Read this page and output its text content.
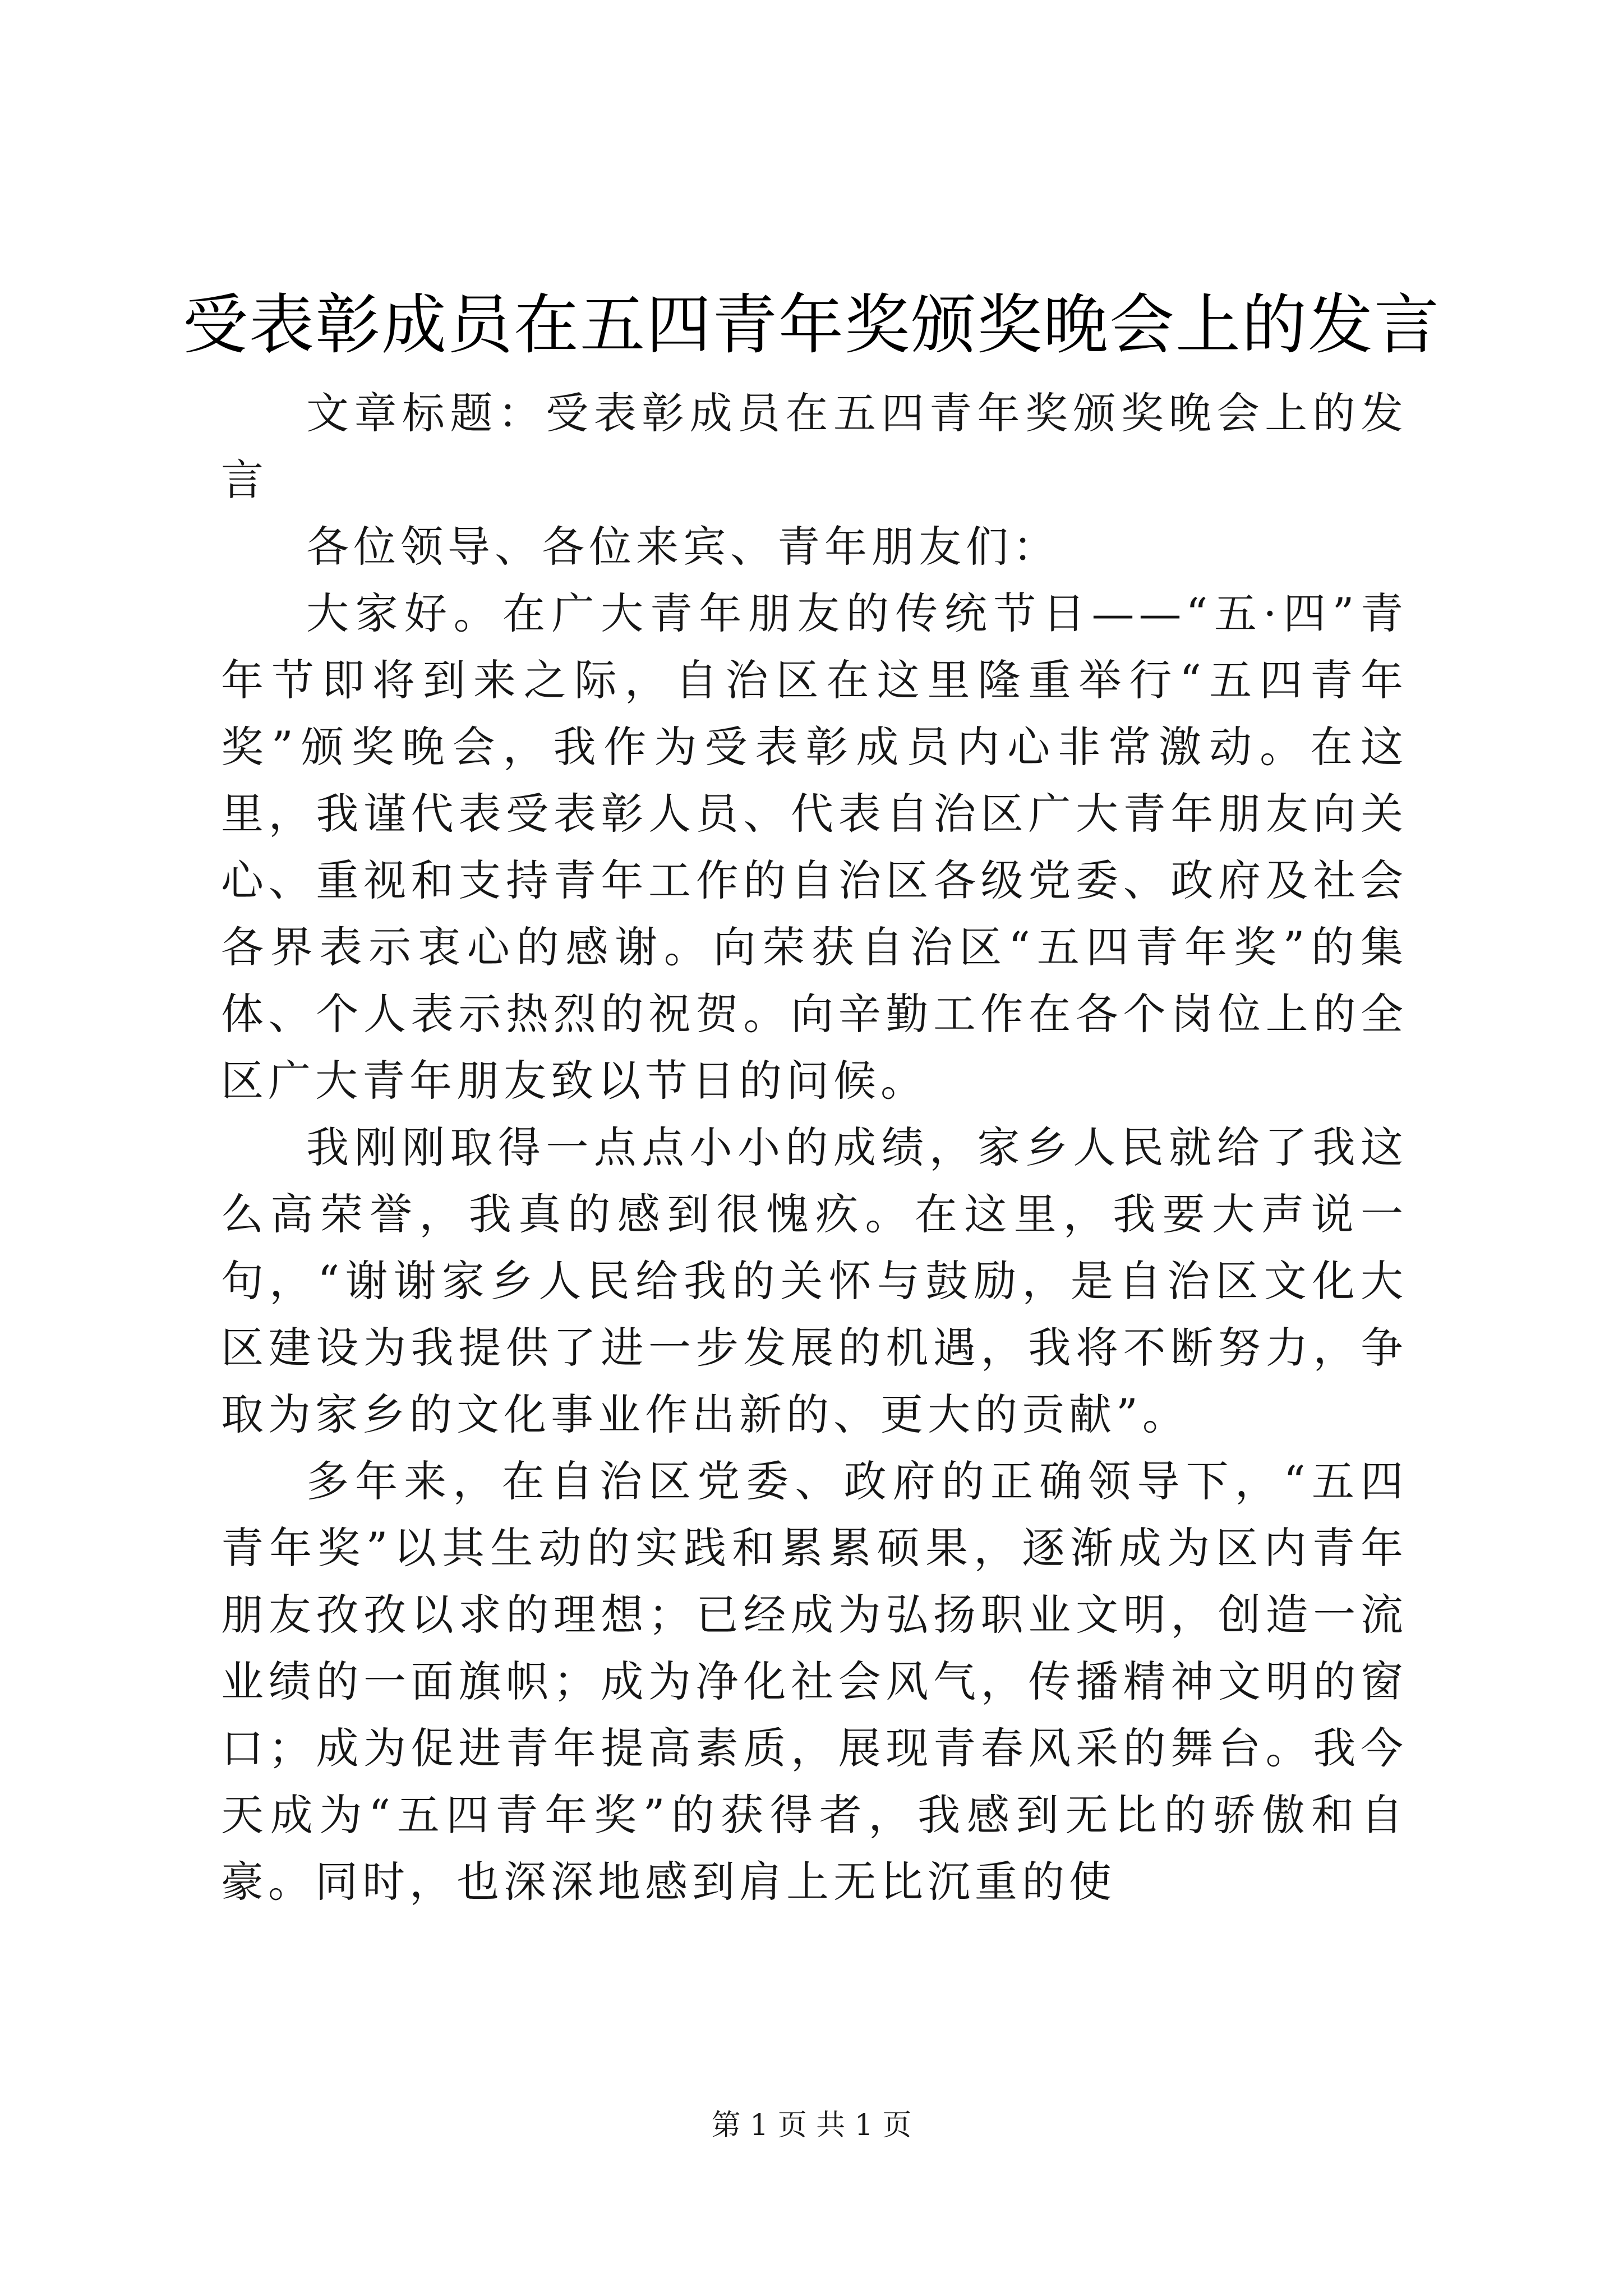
受表彰成员在五四青年奖颁奖晚会上的发言

文章标题：受表彰成员在五四青年奖颁奖晚会上的发言

各位领导、各位来宾、青年朋友们：

大家好。在广大青年朋友的传统节日——“五·四”青年节即将到来之际，自治区在这里隆重举行“五四青年奖”颁奖晚会，我作为受表彰成员内心非常激动。在这里，我谨代表受表彰人员、代表自治区广大青年朋友向关心、重视和支持青年工作的自治区各级党委、政府及社会各界表示衷心的感谢。向荣获自治区“五四青年奖”的集体、个人表示热烈的祝贺。向辛勤工作在各个岗位上的全区广大青年朋友致以节日的问候。

我刚刚取得一点点小小的成绩，家乡人民就给了我这么高荣誉，我真的感到很愧疚。在这里，我要大声说一句，“谢谢家乡人民给我的关怀与鼓励，是自治区文化大区建设为我提供了进一步发展的机遇，我将不断努力，争取为家乡的文化事业作出新的、更大的贡献”。

多年来，在自治区党委、政府的正确领导下，“五四青年奖”以其生动的实践和累累硕果，逐渐成为区内青年朋友孜孜以求的理想；已经成为弘扬职业文明，创造一流业绩的一面旗帜；成为净化社会风气，传播精神文明的窗口；成为促进青年提高素质，展现青春风采的舞台。我今天成为“五四青年奖”的获得者，我感到无比的骄傲和自豪。同时，也深深地感到肩上无比沉重的使

第 1 页 共 1 页
